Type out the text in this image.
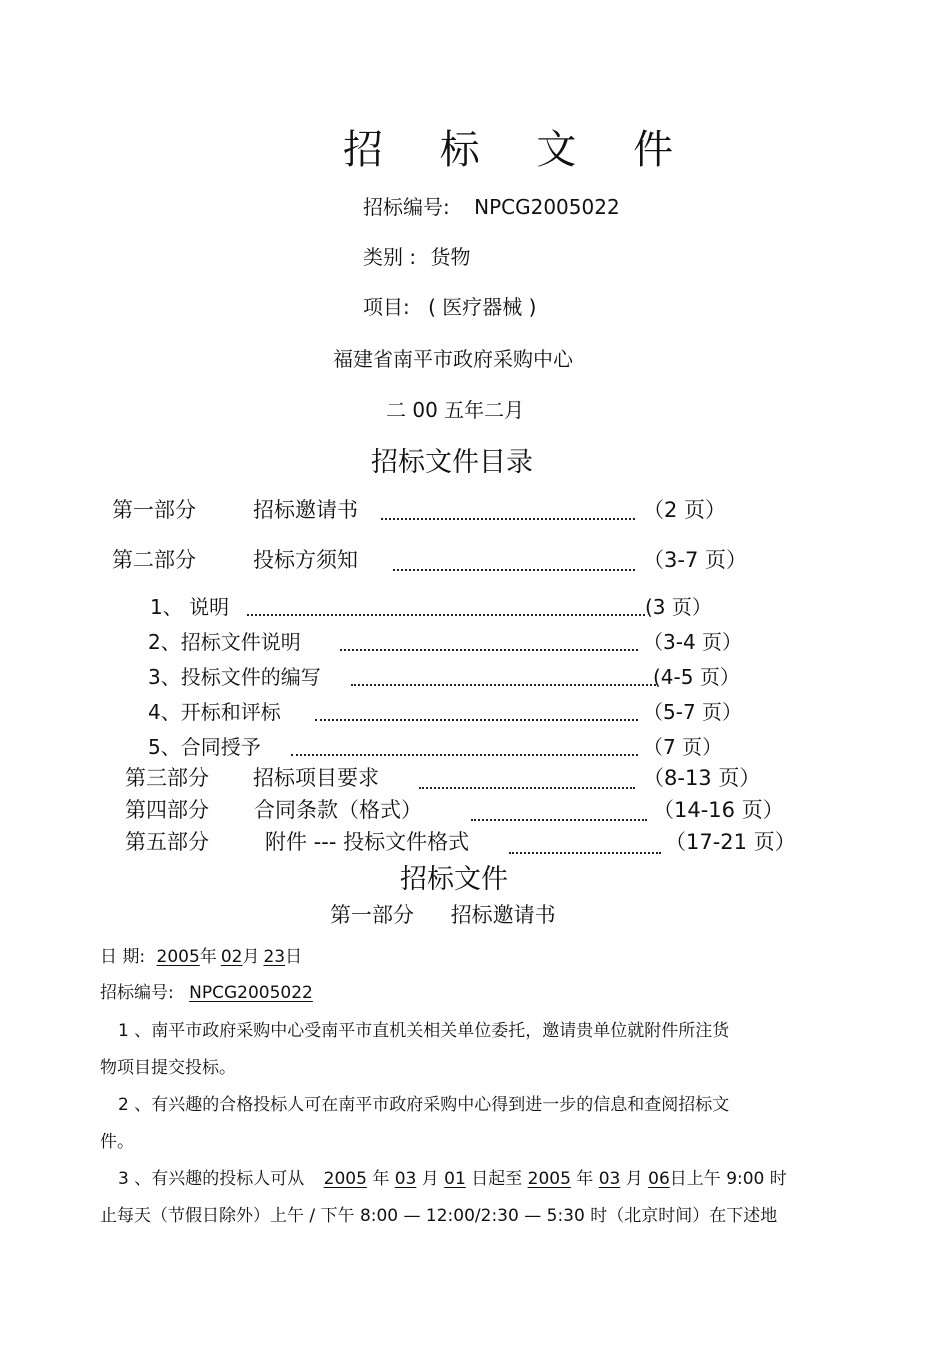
招 标 文 件
招标编号: NPCG2005022
类别 : 货物
项目: ( 医疗器械 )
福建省南平市政府采购中心
二 00 五年二月
招标文件目录
第一部分	招标邀请书	（2 页）
第二部分	投标方须知	（3-7 页）
1、 说明	(3 页）
2、招标文件说明	（3-4 页）
3、投标文件的编写	(4-5 页）
4、开标和评标	（5-7 页）
5、合同授予	（7 页）
第三部分 招标项目要求	（8-13 页）
第四部分 合同条款（格式）	（14-16 页）
第五部分	附件 --- 投标文件格式	（17-21 页）
招标文件
第一部分 招标邀请书
日 期: 2005年 02月 23日
招标编号: NPCG2005022
1 、南平市政府采购中心受南平市直机关相关单位委托，邀请贵单位就附件所注货
物项目提交投标。
2 、有兴趣的合格投标人可在南平市政府采购中心得到进一步的信息和查阅招标文
件。
3 、有兴趣的投标人可从 2005 年 03 月 01 日起至 2005 年 03 月 06日上午 9:00 时
止每天（节假日除外）上午 / 下午 8:00 — 12:00/2:30 — 5:30 时（北京时间）在下述地
